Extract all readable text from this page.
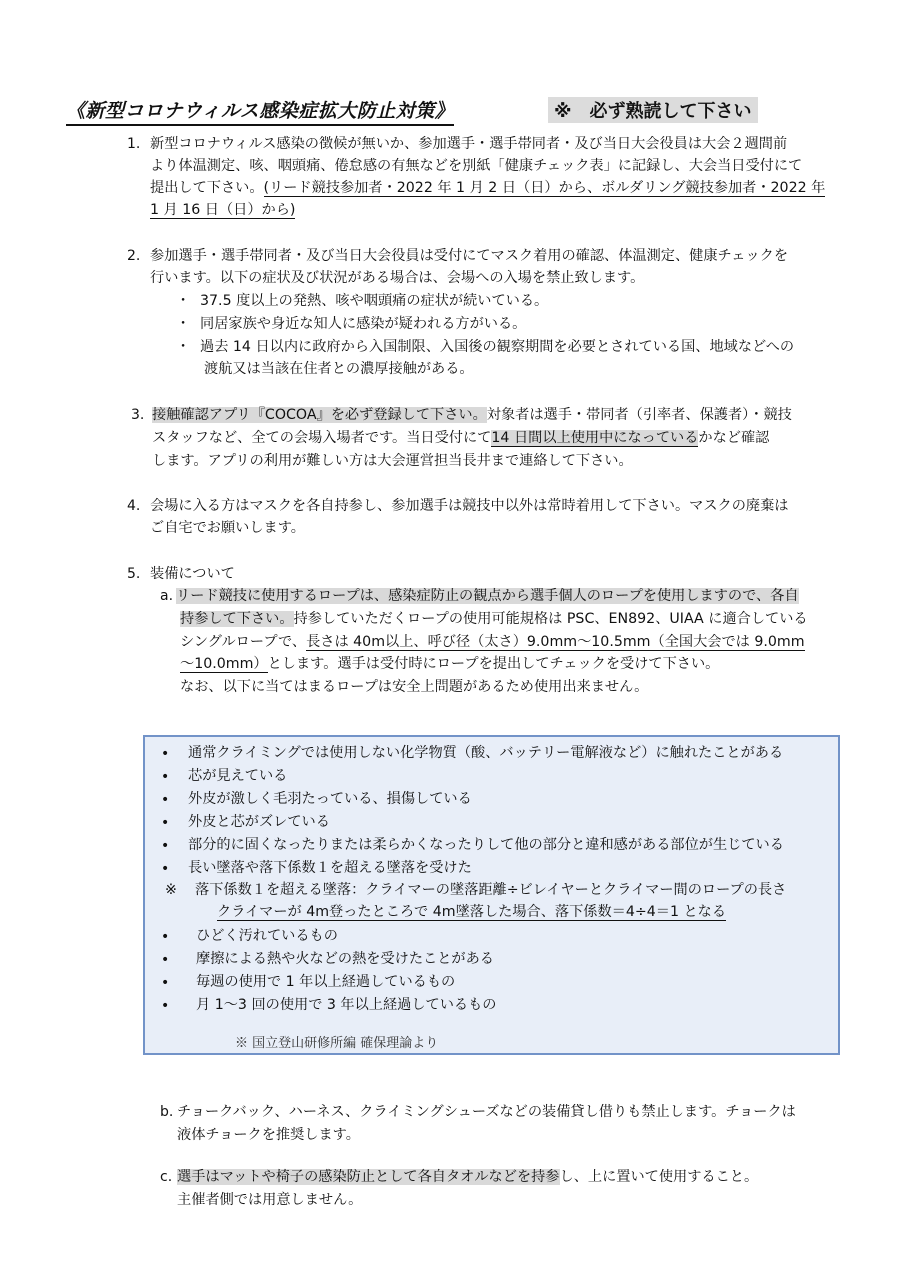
《新型コロナウィルス感染症拡大防止対策》	※　必ず熟読して下さい
1. 新型コロナウィルス感染の徴候が無いか、参加選手・選手帯同者・及び当日大会役員は大会２週間前
より体温測定、咳、咽頭痛、倦怠感の有無などを別紙「健康チェック表」に記録し、大会当日受付にて
提出して下さい。(リード競技参加者・2022 年 1 月 2 日（日）から、ボルダリング競技参加者・2022 年
1 月 16 日（日）から)
2. 参加選手・選手帯同者・及び当日大会役員は受付にてマスク着用の確認、体温測定、健康チェックを
行います。以下の症状及び状況がある場合は、会場への入場を禁止致します。
・ 37.5 度以上の発熱、咳や咽頭痛の症状が続いている。
・ 同居家族や身近な知人に感染が疑われる方がいる。
・ 過去 14 日以内に政府から入国制限、入国後の観察期間を必要とされている国、地域などへの
渡航又は当該在住者との濃厚接触がある。
3. 接触確認アプリ『COCOA』を必ず登録して下さい。対象者は選手・帯同者（引率者、保護者）・競技
スタッフなど、全ての会場入場者です。当日受付にて14 日間以上使用中になっているかなど確認
します。アプリの利用が難しい方は大会運営担当長井まで連絡して下さい。
4. 会場に入る方はマスクを各自持参し、参加選手は競技中以外は常時着用して下さい。マスクの廃棄は
ご自宅でお願いします。
5. 装備について
a. リード競技に使用するロープは、感染症防止の観点から選手個人のロープを使用しますので、各自
持参して下さい。持参していただくロープの使用可能規格は PSC、EN892、UIAA に適合している
シングルロープで、長さは 40m以上、呼び径（太さ）9.0mm～10.5mm（全国大会では 9.0mm
～10.0mm）とします。選手は受付時にロープを提出してチェックを受けて下さい。
なお、以下に当てはまるロープは安全上問題があるため使用出来ません。
• 通常クライミングでは使用しない化学物質（酸、バッテリー電解液など）に触れたことがある
• 芯が見えている
• 外皮が激しく毛羽たっている、損傷している
• 外皮と芯がズレている
• 部分的に固くなったりまたは柔らかくなったりして他の部分と違和感がある部位が生じている
• 長い墜落や落下係数１を超える墜落を受けた
※ 落下係数１を超える墜落：クライマーの墜落距離÷ビレイヤーとクライマー間のロープの長さ
クライマーが 4m登ったところで 4m墜落した場合、落下係数＝4÷4＝1 となる
• ひどく汚れているもの
• 摩擦による熱や火などの熱を受けたことがある
• 毎週の使用で 1 年以上経過しているもの
• 月 1～3 回の使用で 3 年以上経過しているもの
※ 国立登山研修所編 確保理論より
b. チョークバック、ハーネス、クライミングシューズなどの装備貸し借りも禁止します。チョークは
液体チョークを推奨します。
c. 選手はマットや椅子の感染防止として各自タオルなどを持参し、上に置いて使用すること。
主催者側では用意しません。
